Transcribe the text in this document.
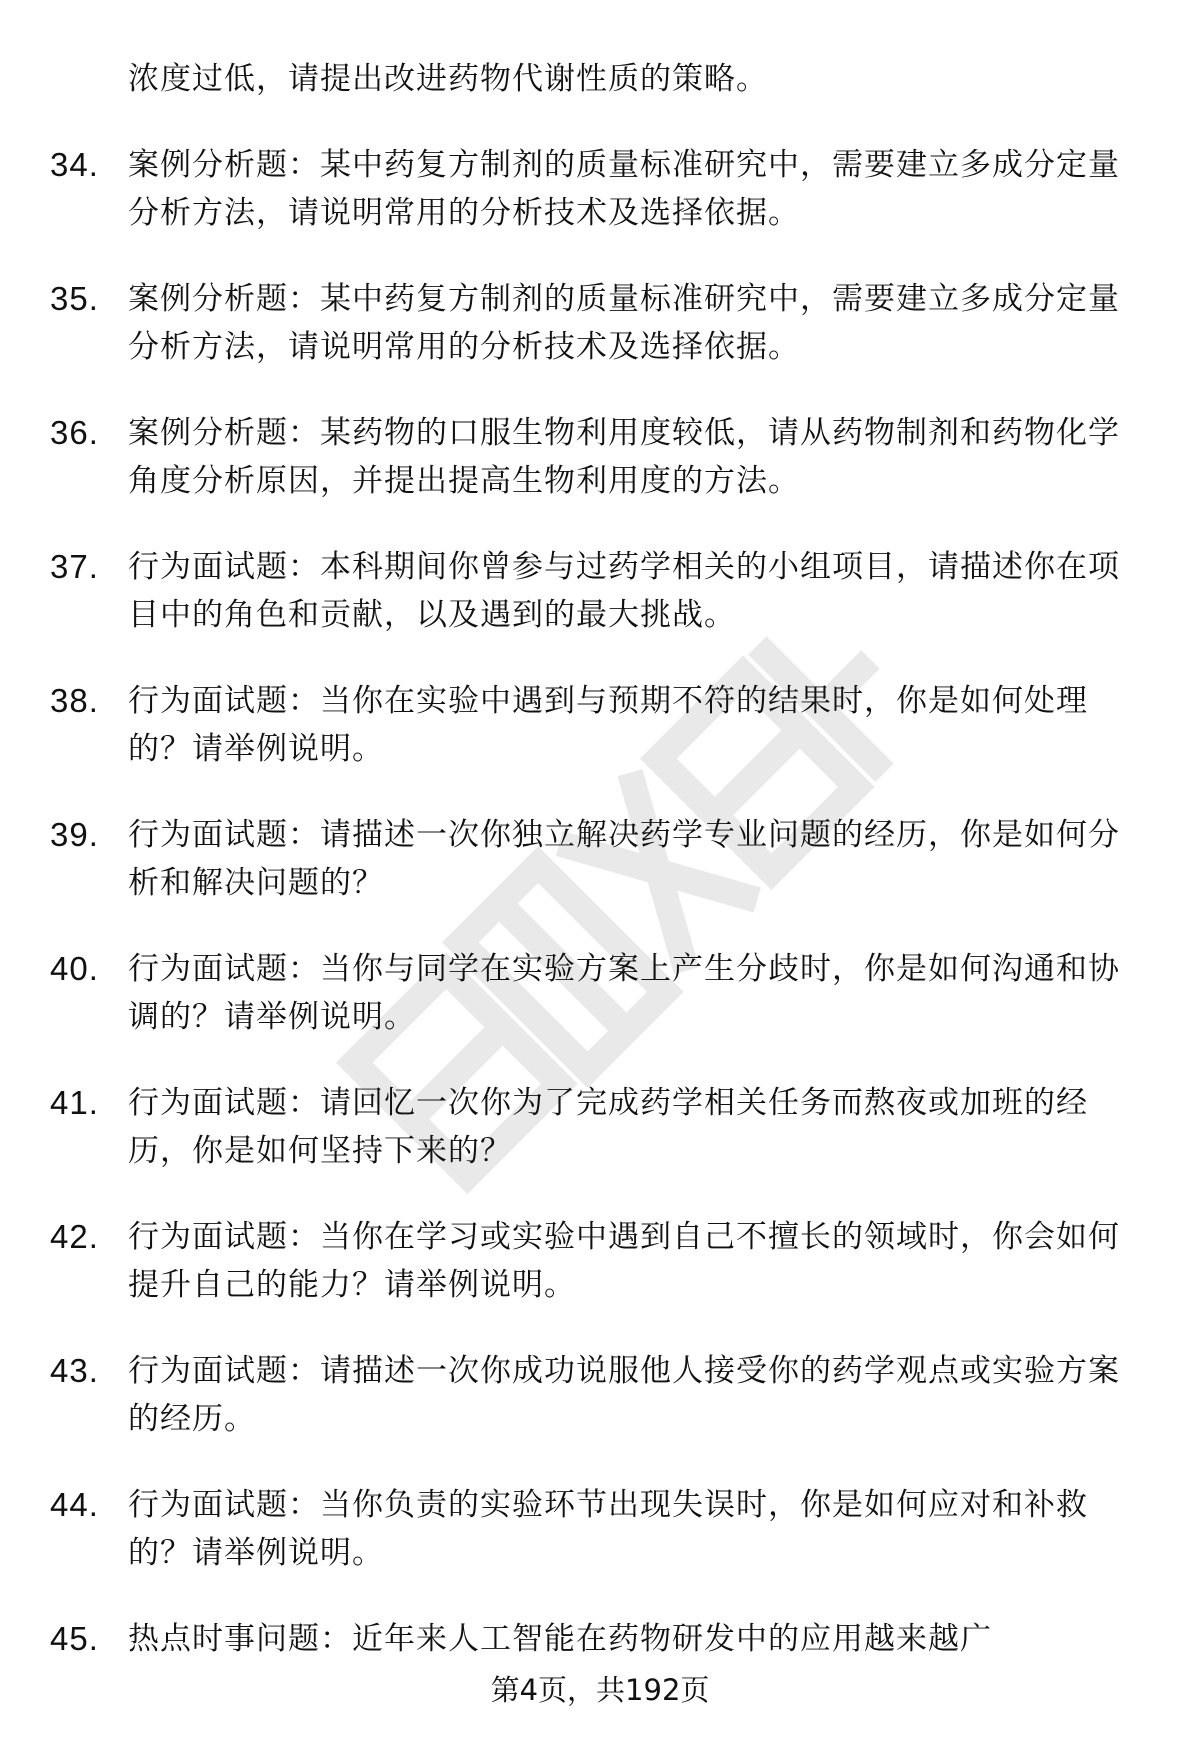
浓度过低，请提出改进药物代谢性质的策略。
34. 案例分析题：某中药复方制剂的质量标准研究中，需要建立多成分定量分析方法，请说明常用的分析技术及选择依据。
35. 案例分析题：某中药复方制剂的质量标准研究中，需要建立多成分定量分析方法，请说明常用的分析技术及选择依据。
36. 案例分析题：某药物的口服生物利用度较低，请从药物制剂和药物化学角度分析原因，并提出提高生物利用度的方法。
37. 行为面试题：本科期间你曾参与过药学相关的小组项目，请描述你在项目中的角色和贡献，以及遇到的最大挑战。
38. 行为面试题：当你在实验中遇到与预期不符的结果时，你是如何处理的？请举例说明。
39. 行为面试题：请描述一次你独立解决药学专业问题的经历，你是如何分析和解决问题的？
40. 行为面试题：当你与同学在实验方案上产生分歧时，你是如何沟通和协调的？请举例说明。
41. 行为面试题：请回忆一次你为了完成药学相关任务而熬夜或加班的经历，你是如何坚持下来的？
42. 行为面试题：当你在学习或实验中遇到自己不擅长的领域时，你会如何提升自己的能力？请举例说明。
43. 行为面试题：请描述一次你成功说服他人接受你的药学观点或实验方案的经历。
44. 行为面试题：当你负责的实验环节出现失误时，你是如何应对和补救的？请举例说明。
45. 热点时事问题：近年来人工智能在药物研发中的应用越来越广
第4页，共192页
